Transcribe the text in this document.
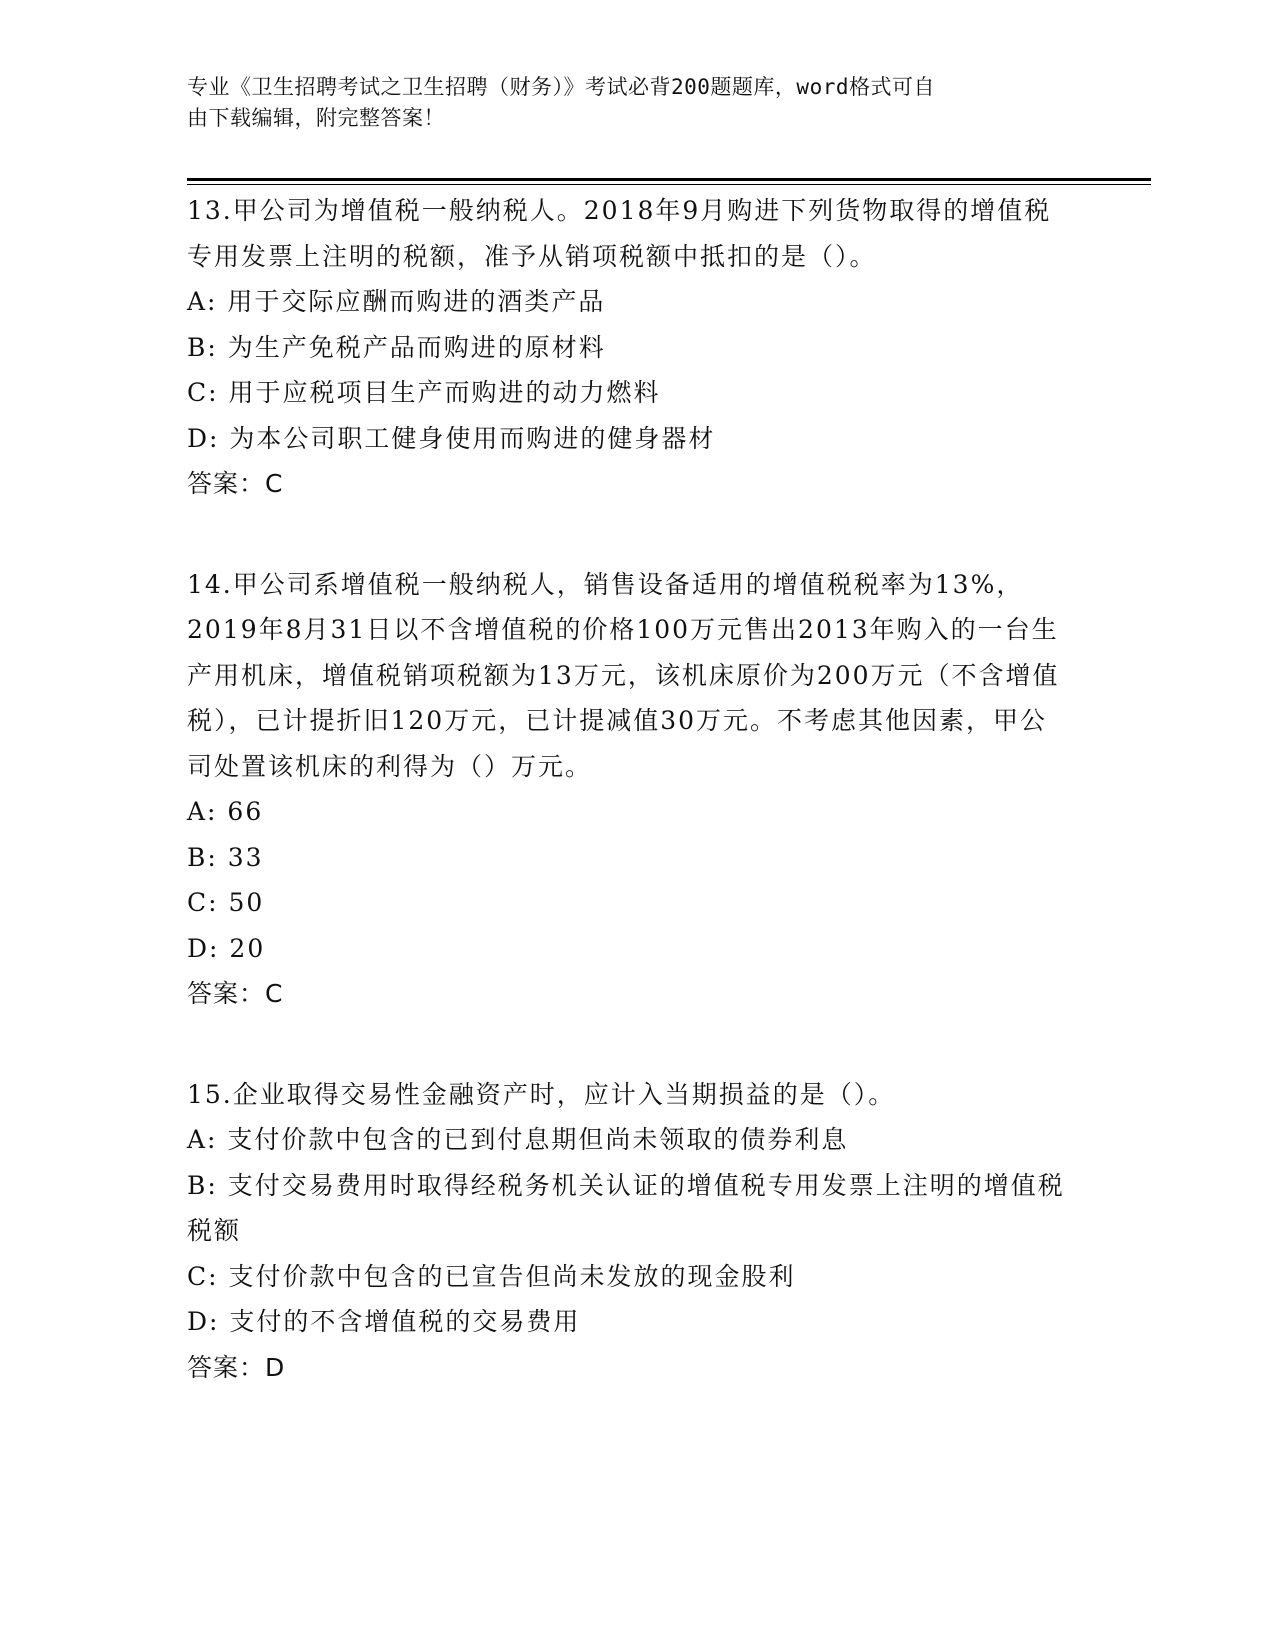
专业《卫生招聘考试之卫生招聘（财务）》考试必背200题题库，word格式可自
由下载编辑，附完整答案！

13.甲公司为增值税一般纳税人。2018年9月购进下列货物取得的增值税专用发票上注明的税额，准予从销项税额中抵扣的是（）。

A: 用于交际应酬而购进的酒类产品

B: 为生产免税产品而购进的原材料

C: 用于应税项目生产而购进的动力燃料

D: 为本公司职工健身使用而购进的健身器材

答案：C

14.甲公司系增值税一般纳税人，销售设备适用的增值税税率为13%，2019年8月31日以不含增值税的价格100万元售出2013年购入的一台生产用机床，增值税销项税额为13万元，该机床原价为200万元（不含增值税），已计提折旧120万元，已计提减值30万元。不考虑其他因素，甲公司处置该机床的利得为（）万元。

A: 66

B: 33

C: 50

D: 20

答案：C

15.企业取得交易性金融资产时，应计入当期损益的是（）。

A: 支付价款中包含的已到付息期但尚未领取的债券利息

B: 支付交易费用时取得经税务机关认证的增值税专用发票上注明的增值税税额

C: 支付价款中包含的已宣告但尚未发放的现金股利

D: 支付的不含增值税的交易费用

答案：D
